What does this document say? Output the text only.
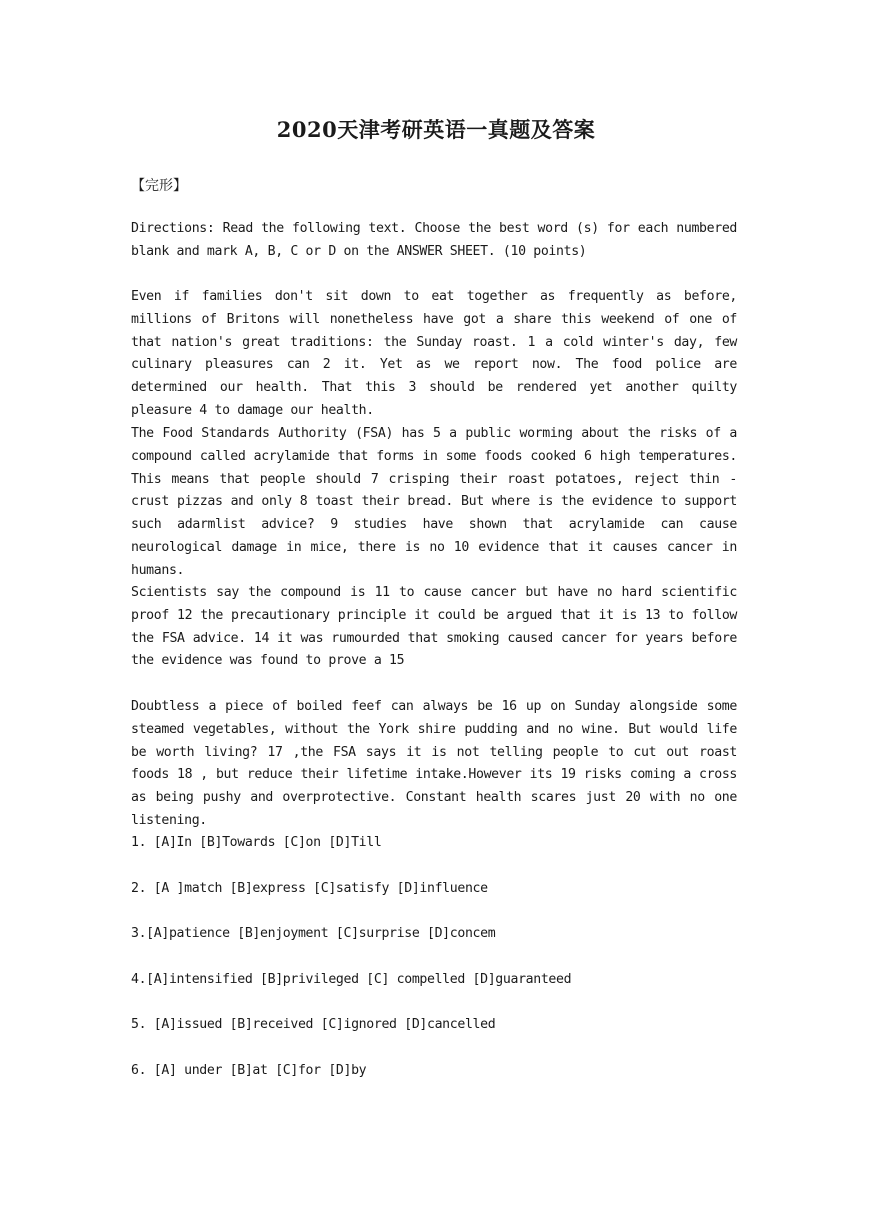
2020天津考研英语一真题及答案
【完形】

Directions: Read the following text. Choose the best word (s) for each numbered blank and mark A, B, C or D on the ANSWER SHEET. (10 points)

Even if families don't sit down to eat together as frequently as before, millions of Britons will nonetheless have got a share this weekend of one of that nation's great traditions: the Sunday roast. 1 a cold winter's day, few culinary pleasures can 2 it. Yet as we report now. The food police are determined our health. That this 3 should be rendered yet another quilty pleasure 4 to damage our health.

The Food Standards Authority (FSA) has 5 a public worming about the risks of a compound called acrylamide that forms in some foods cooked 6 high temperatures. This means that people should 7 crisping their roast potatoes, reject thin -crust pizzas and only 8 toast their bread. But where is the evidence to support such adarmlist advice? 9 studies have shown that acrylamide can cause neurological damage in mice, there is no 10 evidence that it causes cancer in humans.

Scientists say the compound is 11 to cause cancer but have no hard scientific proof 12 the precautionary principle it could be argued that it is 13 to follow the FSA advice. 14 it was rumourded that smoking caused cancer for years before the evidence was found to prove a 15

Doubtless a piece of boiled feef can always be 16 up on Sunday alongside some steamed vegetables, without the York shire pudding and no wine. But would life be worth living? 17 ,the FSA says it is not telling people to cut out roast foods 18 , but reduce their lifetime intake.However its 19 risks coming a cross as being pushy and overprotective. Constant health scares just 20 with no one listening.

1. [A]In [B]Towards [C]on [D]Till

2. [A ]match [B]express [C]satisfy [D]influence

3.[A]patience [B]enjoyment [C]surprise [D]concem

4.[A]intensified [B]privileged [C] compelled [D]guaranteed

5. [A]issued [B]received [C]ignored [D]cancelled

6. [A] under [B]at [C]for [D]by
